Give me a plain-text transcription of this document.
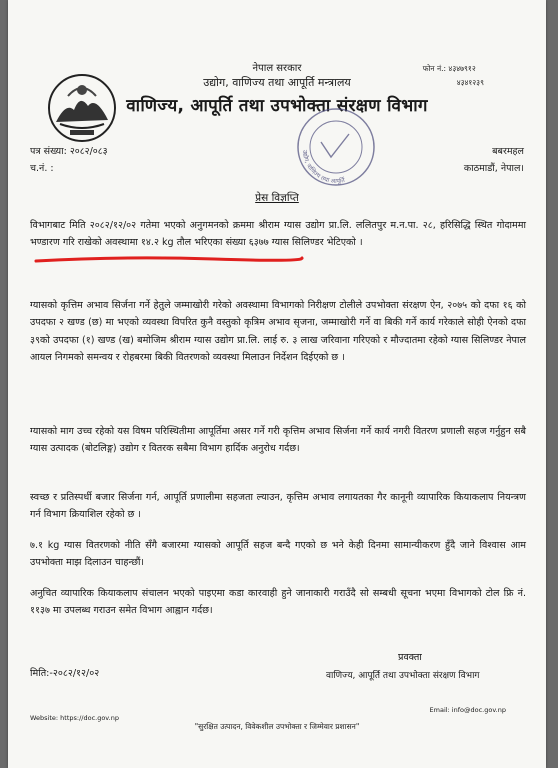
नेपाल सरकार
उद्योग, वाणिज्य तथा आपूर्ति मन्त्रालय
वाणिज्य, आपूर्ति तथा उपभोक्ता संरक्षण विभाग
फोन नं.: ४३४७९१२
४३४१२३९
उद्योग, वाणिज्य तथा आपूर्ति
पत्र संख्या: २०८२/०८३
च.नं. :
बबरमहल
काठमाडौं, नेपाल।
प्रेस विज्ञप्ति

विभागबाट मिति २०८२/१२/०२ गतेमा भएको अनुगमनको क्रममा श्रीराम ग्यास उद्योग प्रा.लि. ललितपुर म.न.पा. २८, हरिसिद्धि स्थित गोदाममा भण्डारण गरि राखेको अवस्थामा १४.२ kg तौल भरिएका संख्या ६३७७ ग्यास सिलिण्डर भेटिएको ।

ग्यासको कृत्तिम अभाव सिर्जना गर्ने हेतुले जम्माखोरी गरेको अवस्थामा विभागको निरीक्षण टोलीले उपभोक्ता संरक्षण ऐन, २०७५ को दफा १६ को उपदफा २ खण्ड (छ) मा भएको व्यवस्था विपरित कुनै वस्तुको कृत्रिम अभाव सृजना, जम्माखोरी गर्ने वा बिकी गर्ने कार्य गरेकाले सोही ऐनको दफा ३९को उपदफा (१) खण्ड (ख) बमोजिम श्रीराम ग्यास उद्योग प्रा.लि. लाई रु. ३ लाख जरिवाना गरिएको र मौज्दातमा रहेको ग्यास सिलिण्डर नेपाल आयल निगमको समन्वय र रोहबरमा बिकी वितरणको व्यवस्था मिलाउन निर्देशन दिईएको छ ।

ग्यासको माग उच्च रहेको यस विषम परिस्थितीमा आपूर्तिमा असर गर्ने गरी कृत्तिम अभाव सिर्जना गर्ने कार्य नगरी वितरण प्रणाली सहज गर्नुहुन सबै ग्यास उत्पादक (बोटलिङ्ग) उद्योग र वितरक सबैमा विभाग हार्दिक अनुरोध गर्दछ।

स्वच्छ र प्रतिस्पर्धी बजार सिर्जना गर्न, आपूर्ति प्रणालीमा सहजता ल्याउन, कृत्तिम अभाव लगायतका गैर कानूनी व्यापारिक कियाकलाप नियन्त्रण गर्न विभाग क्रियाशिल रहेको छ ।

७.१ kg ग्यास वितरणको नीति सँगै बजारमा ग्यासको आपूर्ति सहज बन्दै गएको छ भने केही दिनमा सामान्यीकरण हुँदै जाने विश्वास आम उपभोक्ता माझ दिलाउन चाहन्छौं।

अनुचित व्यापारिक कियाकलाप संचालन भएको पाइएमा कडा कारवाही हुने जानाकारी गराउँदै सो सम्बधी सूचना भएमा विभागको टोल फ्रि नं. ११३७ मा उपलब्ध गराउन समेत विभाग आह्वान गर्दछ।

मिति:-२०८२/१२/०२
प्रवक्ता
वाणिज्य, आपूर्ति तथा उपभोक्ता संरक्षण विभाग
Website: https://doc.gov.np
Email: info@doc.gov.np
"सुरक्षित उत्पादन, विवेकशील उपभोक्ता र जिम्मेवार प्रशासन"
